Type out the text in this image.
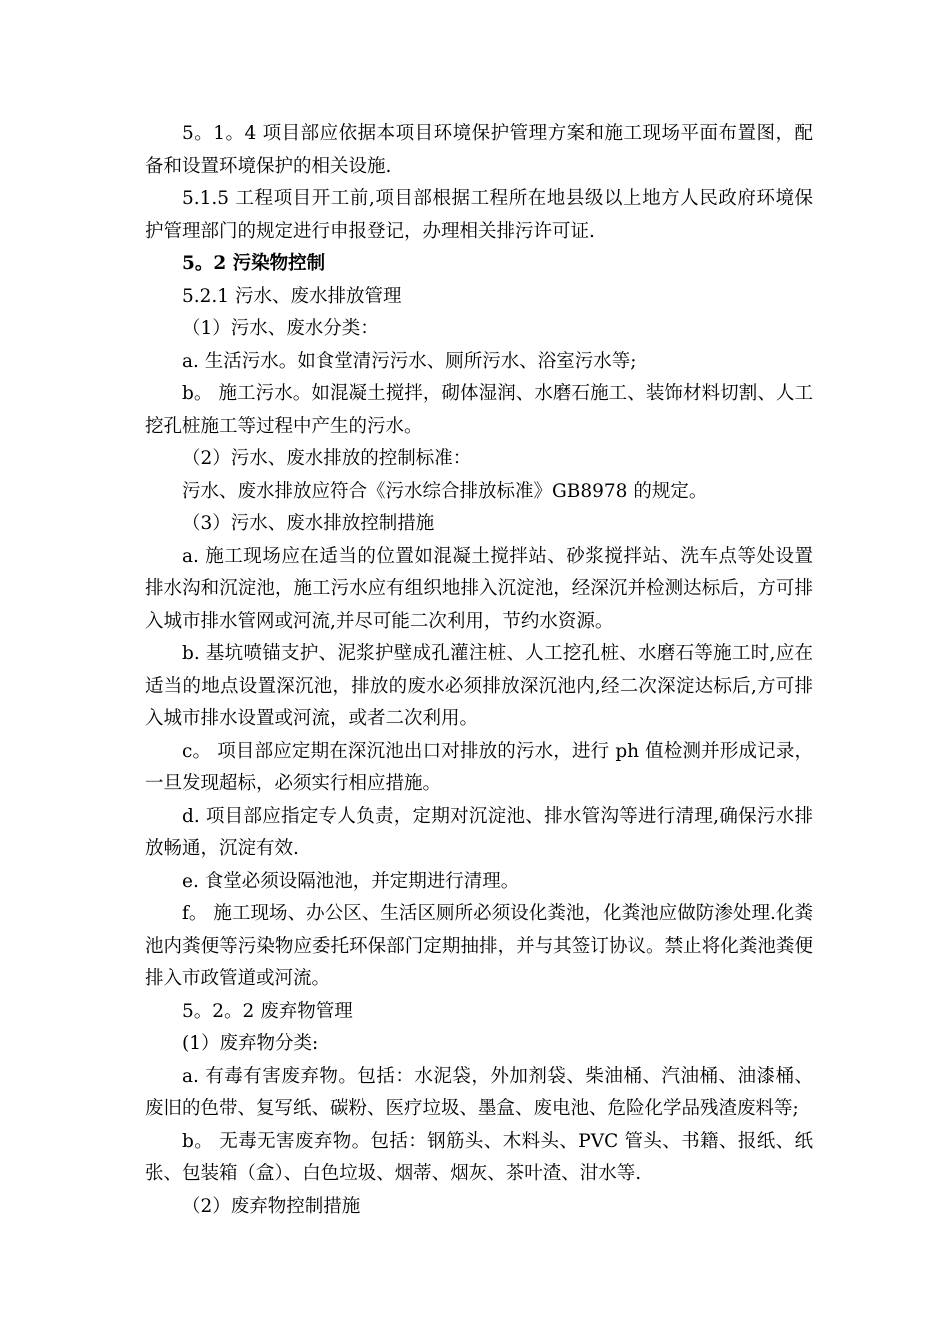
5。1。4 项目部应依据本项目环境保护管理方案和施工现场平面布置图，配备和设置环境保护的相关设施.

5.1.5 工程项目开工前,项目部根据工程所在地县级以上地方人民政府环境保护管理部门的规定进行申报登记，办理相关排污许可证.

5。2 污染物控制

5.2.1 污水、废水排放管理

（1）污水、废水分类：

a. 生活污水。如食堂清污污水、厕所污水、浴室污水等;

b。 施工污水。如混凝土搅拌，砌体湿润、水磨石施工、装饰材料切割、人工挖孔桩施工等过程中产生的污水。

（2）污水、废水排放的控制标准：

污水、废水排放应符合《污水综合排放标准》GB8978 的规定。

（3）污水、废水排放控制措施

a. 施工现场应在适当的位置如混凝土搅拌站、砂浆搅拌站、洗车点等处设置排水沟和沉淀池，施工污水应有组织地排入沉淀池，经深沉并检测达标后，方可排入城市排水管网或河流,并尽可能二次利用，节约水资源。

b. 基坑喷锚支护、泥浆护壁成孔灌注桩、人工挖孔桩、水磨石等施工时,应在适当的地点设置深沉池，排放的废水必须排放深沉池内,经二次深淀达标后,方可排入城市排水设置或河流，或者二次利用。

c。 项目部应定期在深沉池出口对排放的污水，进行 ph 值检测并形成记录，一旦发现超标，必须实行相应措施。

d. 项目部应指定专人负责，定期对沉淀池、排水管沟等进行清理,确保污水排放畅通，沉淀有效.

e. 食堂必须设隔池池，并定期进行清理。

f。 施工现场、办公区、生活区厕所必须设化粪池，化粪池应做防渗处理.化粪池内粪便等污染物应委托环保部门定期抽排，并与其签订协议。禁止将化粪池粪便排入市政管道或河流。

5。2。2 废弃物管理

(1）废弃物分类:

a. 有毒有害废弃物。包括：水泥袋，外加剂袋、柴油桶、汽油桶、油漆桶、废旧的色带、复写纸、碳粉、医疗垃圾、墨盒、废电池、危险化学品残渣废料等;

b。 无毒无害废弃物。包括：钢筋头、木料头、PVC 管头、书籍、报纸、纸张、包装箱（盒）、白色垃圾、烟蒂、烟灰、茶叶渣、泔水等.

（2）废弃物控制措施
